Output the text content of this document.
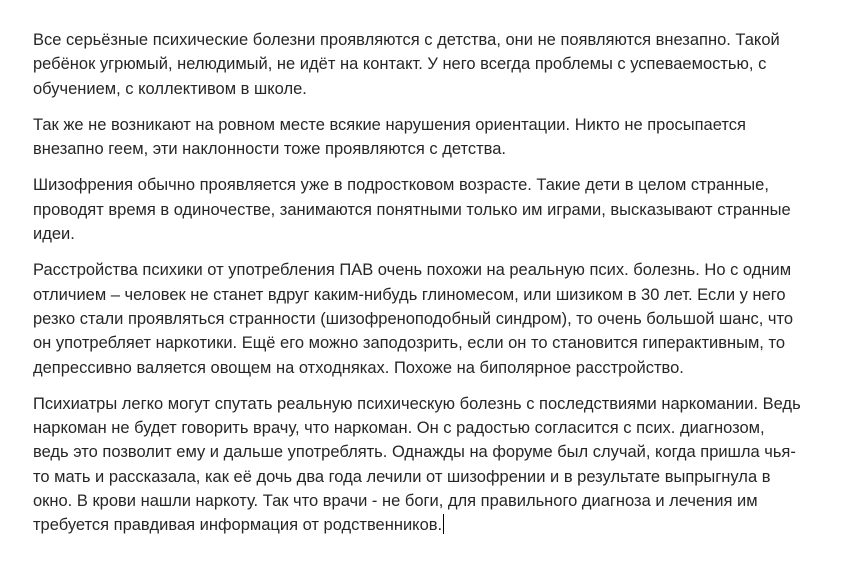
Все серьёзные психические болезни проявляются с детства, они не появляются внезапно. Такой
ребёнок угрюмый, нелюдимый, не идёт на контакт. У него всегда проблемы с успеваемостью, с
обучением, с коллективом в школе.

Так же не возникают на ровном месте всякие нарушения ориентации. Никто не просыпается
внезапно геем, эти наклонности тоже проявляются с детства.

Шизофрения обычно проявляется уже в подростковом возрасте. Такие дети в целом странные,
проводят время в одиночестве, занимаются понятными только им играми, высказывают странные
идеи.

Расстройства психики от употребления ПАВ очень похожи на реальную псих. болезнь. Но с одним
отличием – человек не станет вдруг каким-нибудь глиномесом, или шизиком в 30 лет. Если у него
резко стали проявляться странности (шизофреноподобный синдром), то очень большой шанс, что
он употребляет наркотики. Ещё его можно заподозрить, если он то становится гиперактивным, то
депрессивно валяется овощем на отходняках. Похоже на биполярное расстройство.

Психиатры легко могут спутать реальную психическую болезнь с последствиями наркомании. Ведь
наркоман не будет говорить врачу, что наркоман. Он с радостью согласится с псих. диагнозом,
ведь это позволит ему и дальше употреблять. Однажды на форуме был случай, когда пришла чья-
то мать и рассказала, как её дочь два года лечили от шизофрении и в результате выпрыгнула в
окно. В крови нашли наркоту. Так что врачи - не боги, для правильного диагноза и лечения им
требуется правдивая информация от родственников.
